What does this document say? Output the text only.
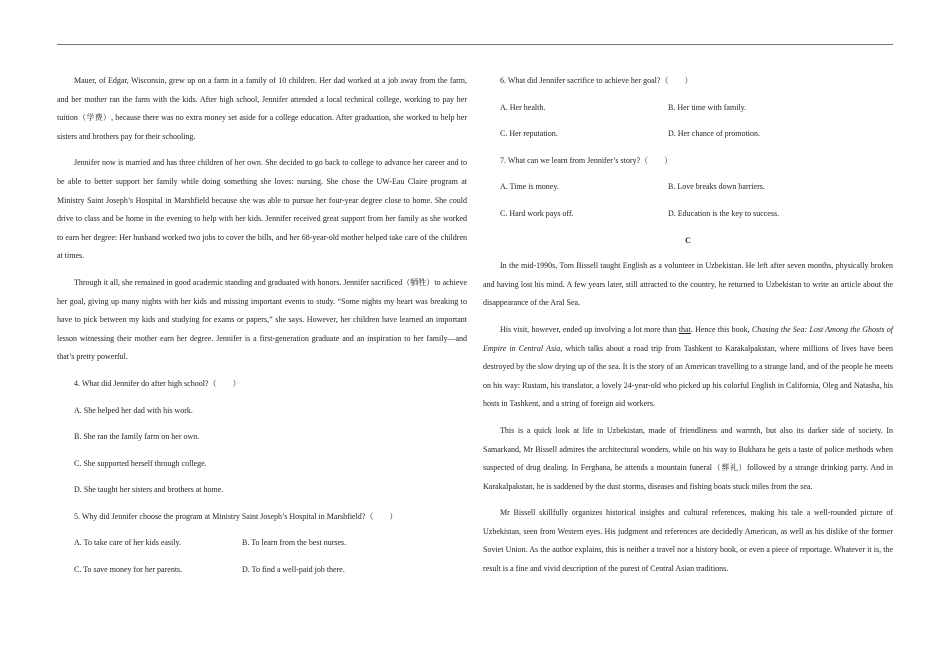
Mauer, of Edgar, Wisconsin, grew up on a farm in a family of 10 children. Her dad worked at a job away from the farm, and her mother ran the farm with the kids. After high school, Jennifer attended a local technical college, working to pay her tuition（学费）, because there was no extra money set aside for a college education. After graduation, she worked to help her sisters and brothers pay for their schooling.

Jennifer now is married and has three children of her own. She decided to go back to college to advance her career and to be able to better support her family while doing something she loves: nursing. She chose the UW-Eau Claire program at Ministry Saint Joseph’s Hospital in Marshfield because she was able to pursue her four-year degree close to home. She could drive to class and be home in the evening to help with her kids. Jennifer received great support from her family as she worked to earn her degree: Her husband worked two jobs to cover the bills, and her 68-year-old mother helped take care of the children at times.

Through it all, she remained in good academic standing and graduated with honors. Jennifer sacrificed（牺牲）to achieve her goal, giving up many nights with her kids and missing important events to study. “Some nights my heart was breaking to have to pick between my kids and studying for exams or papers,” she says. However, her children have learned an important lesson witnessing their mother earn her degree. Jennifer is a first-generation graduate and an inspiration to her family—and that’s pretty powerful.

4. What did Jennifer do after high school?（　　）
A. She helped her dad with his work.
B. She ran the family farm on her own.
C. She supported herself through college.
D. She taught her sisters and brothers at home.
5. Why did Jennifer choose the program at Ministry Saint Joseph’s Hospital in Marshfield?（　　）
A. To take care of her kids easily.	B. To learn from the best nurses.
C. To save money for her parents.	D. To find a well-paid job there.
6. What did Jennifer sacrifice to achieve her goal?（　　）
A. Her health.	B. Her time with family.
C. Her reputation.	D. Her chance of promotion.
7. What can we learn from Jennifer’s story?（　　）
A. Time is money.	B. Love breaks down barriers.
C. Hard work pays off.	D. Education is the key to success.
C

In the mid-1990s, Tom Bissell taught English as a volunteer in Uzbekistan. He left after seven months, physically broken and having lost his mind. A few years later, still attracted to the country, he returned to Uzbekistan to write an article about the disappearance of the Aral Sea.

His visit, however, ended up involving a lot more than that. Hence this book, Chasing the Sea: Lost Among the Ghosts of Empire in Central Asia, which talks about a road trip from Tashkent to Karakalpakstan, where millions of lives have been destroyed by the slow drying up of the sea. It is the story of an American travelling to a strange land, and of the people he meets on his way: Rustam, his translator, a lovely 24-year-old who picked up his colorful English in California, Oleg and Natasha, his hosts in Tashkent, and a string of foreign aid workers.

This is a quick look at life in Uzbekistan, made of friendliness and warmth, but also its darker side of society. In Samarkand, Mr Bissell admires the architectural wonders, while on his way to Bukhara he gets a taste of police methods when suspected of drug dealing. In Ferghana, he attends a mountain funeral（葬礼）followed by a strange drinking party. And in Karakalpakstan, he is saddened by the dust storms, diseases and fishing boats stuck miles from the sea.

Mr Bissell skillfully organizes historical insights and cultural references, making his tale a well-rounded picture of Uzbekistan, seen from Western eyes. His judgment and references are decidedly American, as well as his dislike of the former Soviet Union. As the author explains, this is neither a travel nor a history book, or even a piece of reportage. Whatever it is, the result is a fine and vivid description of the purest of Central Asian traditions.
